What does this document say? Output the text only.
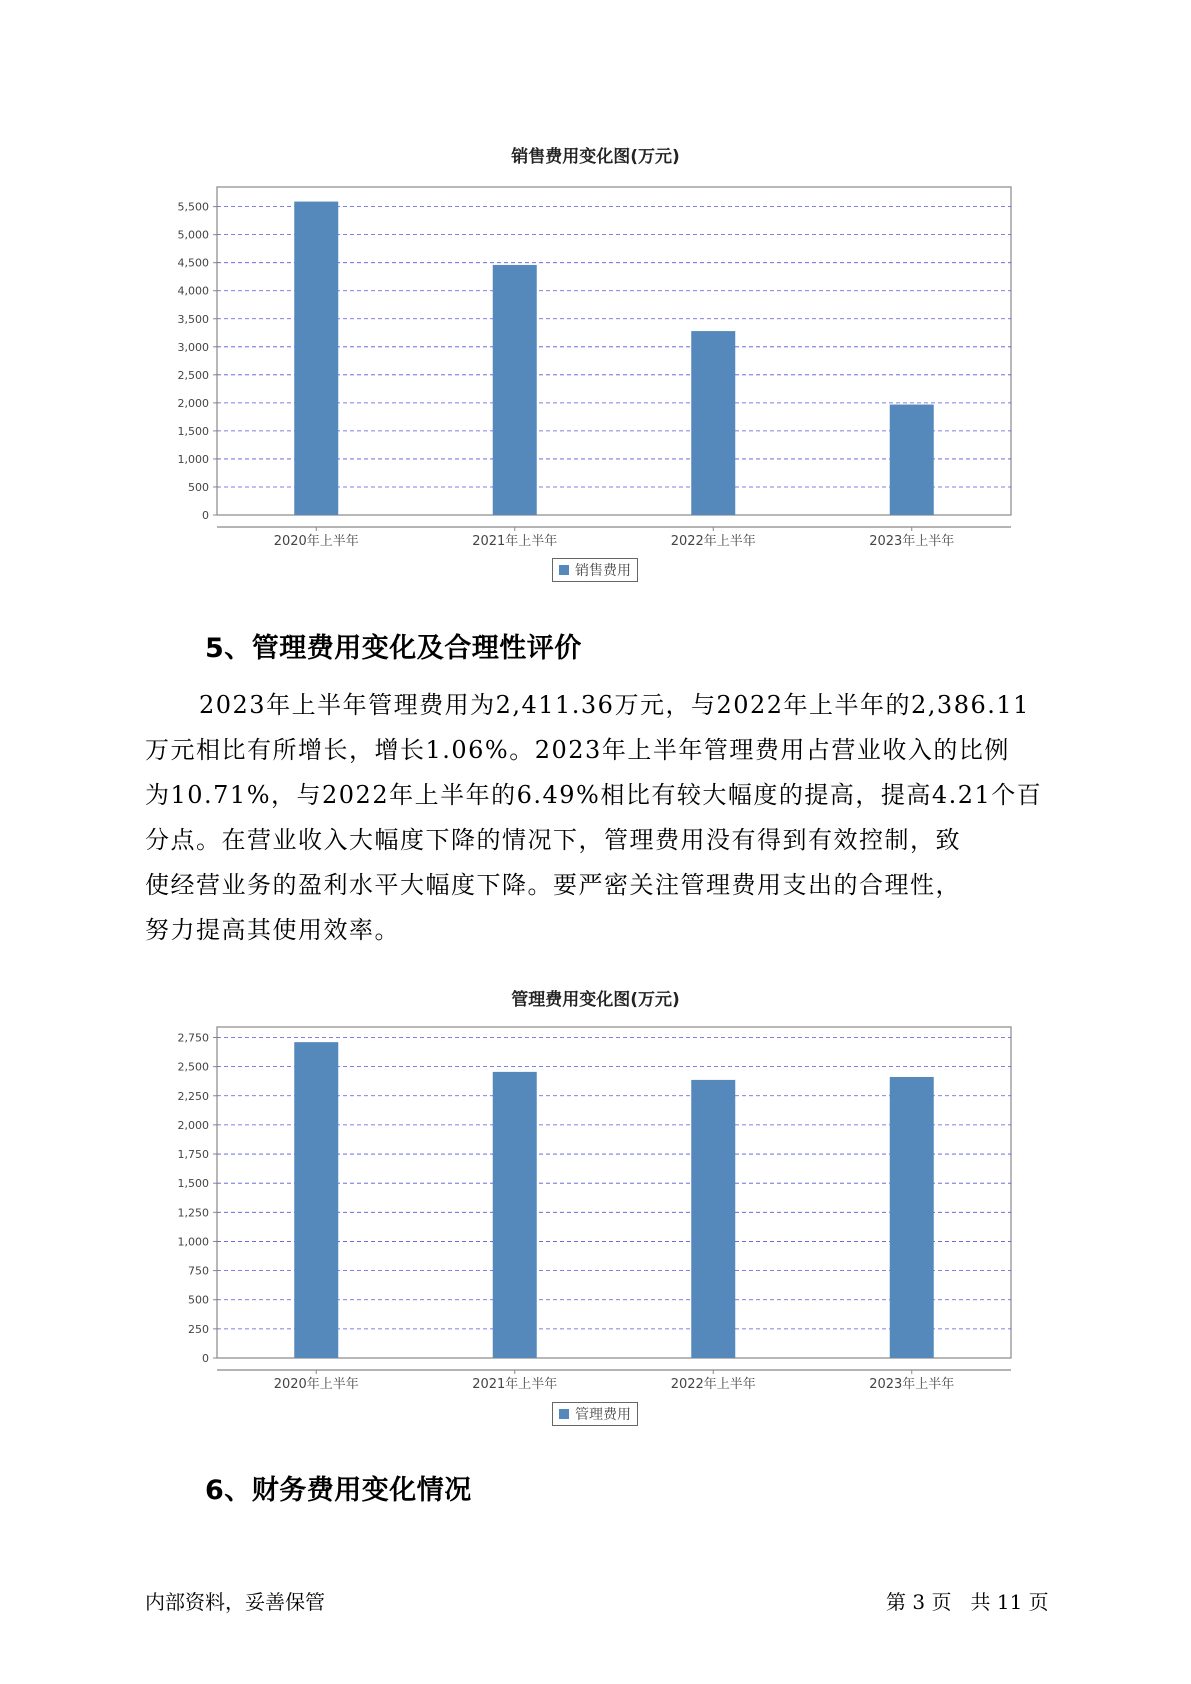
销售费用变化图(万元)
0
500
1,000
1,500
2,000
2,500
3,000
3,500
4,000
4,500
5,000
5,500
2020年上半年	2021年上半年	2022年上半年	2023年上半年
销售费用
5、管理费用变化及合理性评价
2023年上半年管理费用为2,411.36万元，与2022年上半年的2,386.11
万元相比有所增长，增长1.06%。2023年上半年管理费用占营业收入的比例
为10.71%，与2022年上半年的6.49%相比有较大幅度的提高，提高4.21个百
分点。在营业收入大幅度下降的情况下，管理费用没有得到有效控制，致
使经营业务的盈利水平大幅度下降。要严密关注管理费用支出的合理性，
努力提高其使用效率。
管理费用变化图(万元)
0
250
500
750
1,000
1,250
1,500
1,750
2,000
2,250
2,500
2,750
2020年上半年	2021年上半年	2022年上半年	2023年上半年
管理费用
6、财务费用变化情况
内部资料，妥善保管	第 3 页   共 11 页
